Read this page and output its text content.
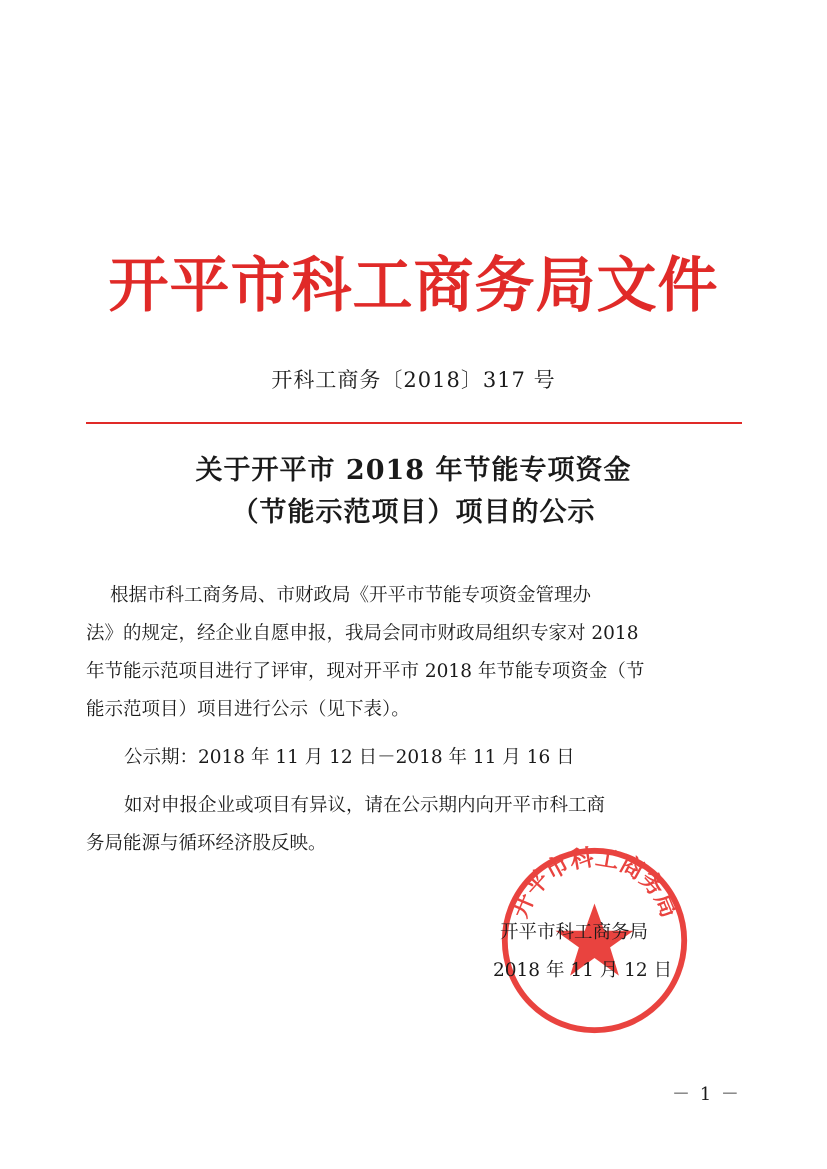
开平市科工商务局文件
开科工商务〔2018〕317 号
关于开平市 2018 年节能专项资金
（节能示范项目）项目的公示
根据市科工商务局、市财政局《开平市节能专项资金管理办
法》的规定，经企业自愿申报，我局会同市财政局组织专家对 2018
年节能示范项目进行了评审，现对开平市 2018 年节能专项资金（节
能示范项目）项目进行公示（见下表）。
公示期：2018 年 11 月 12 日－2018 年 11 月 16 日
如对申报企业或项目有异议，请在公示期内向开平市科工商
务局能源与循环经济股反映。
开平市科工商务局
开平市科工商务局
2018 年 11 月 12 日
－ 1 －
